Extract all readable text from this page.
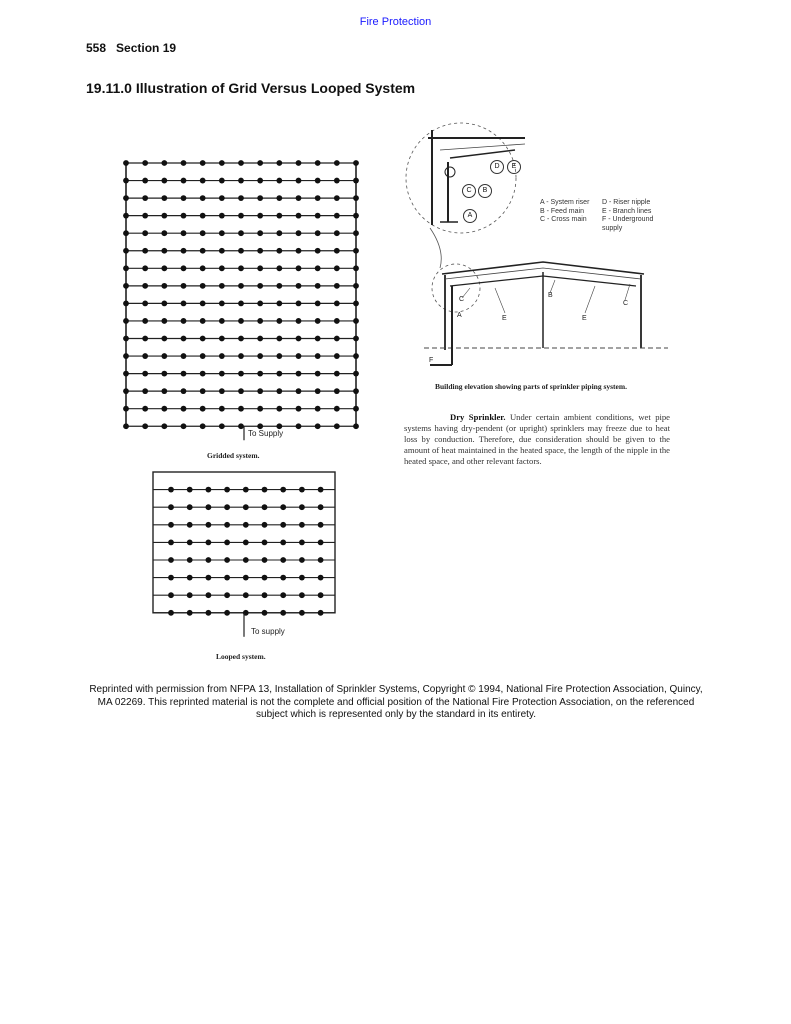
Fire Protection
558 Section 19
19.11.0 Illustration of Grid Versus Looped System
To Supply
Gridded system.
To supply
Looped system.
D	E
C	B
A
A - System riser	D - Riser nipple
B - Feed main	E - Branch lines
C - Cross main	F - Underground supply
C
B
C
A	E	E
F
Building elevation showing parts of sprinkler piping system.
Dry Sprinkler. Under certain ambient conditions, wet pipe systems having dry-pendent (or upright) sprinklers may freeze due to heat loss by conduction. Therefore, due consideration should be given to the amount of heat maintained in the heated space, the length of the nipple in the heated space, and other relevant factors.
Reprinted with permission from NFPA 13, Installation of Sprinkler Systems, Copyright © 1994, National Fire Protection Association, Quincy, MA 02269. This reprinted material is not the complete and official position of the National Fire Protection Association, on the referenced subject which is represented only by the standard in its entirety.
